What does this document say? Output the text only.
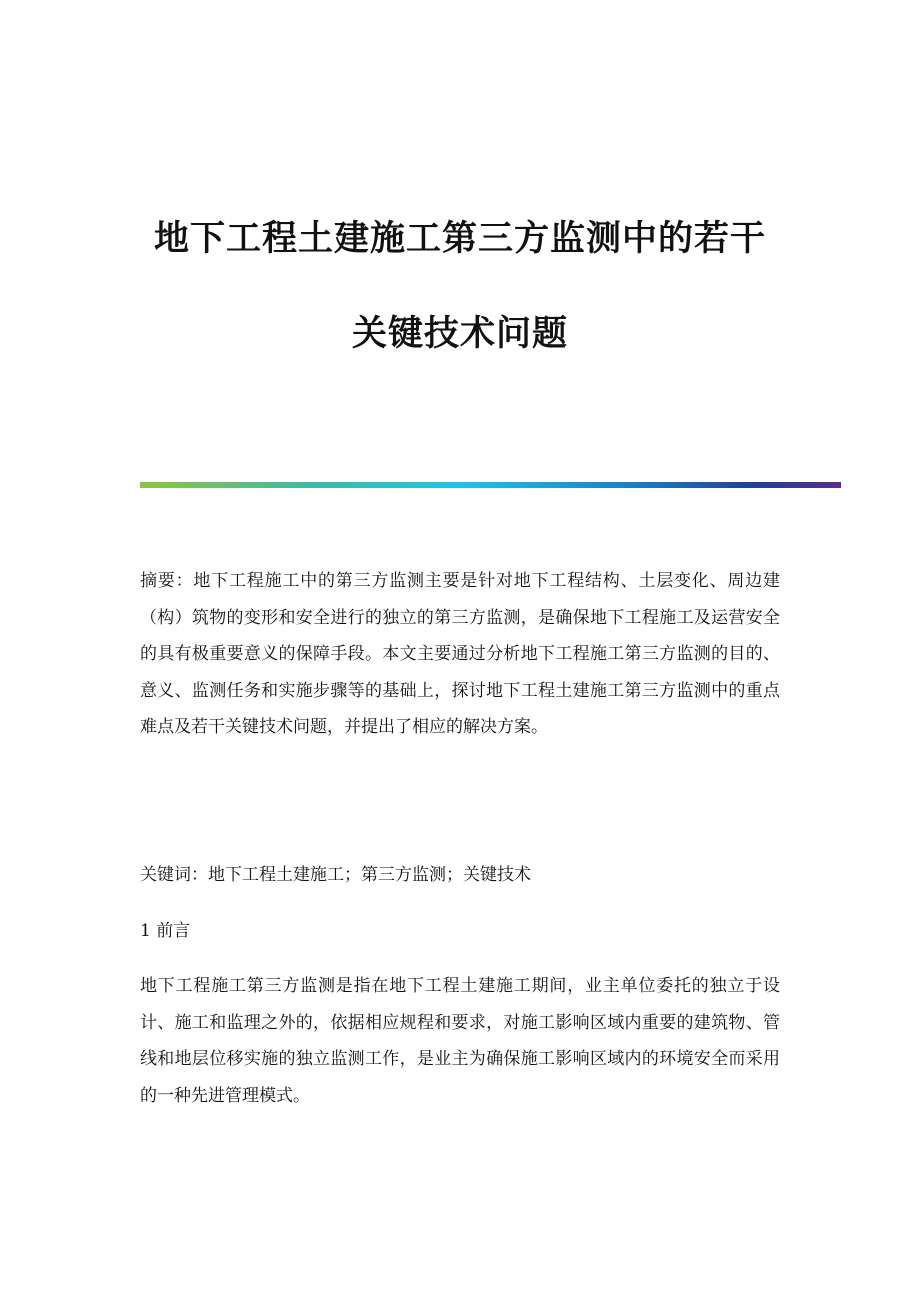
地下工程土建施工第三方监测中的若干
关键技术问题

摘要：地下工程施工中的第三方监测主要是针对地下工程结构、土层变化、周边建（构）筑物的变形和安全进行的独立的第三方监测，是确保地下工程施工及运营安全的具有极重要意义的保障手段。本文主要通过分析地下工程施工第三方监测的目的、意义、监测任务和实施步骤等的基础上，探讨地下工程土建施工第三方监测中的重点难点及若干关键技术问题，并提出了相应的解决方案。

关键词：地下工程土建施工；第三方监测；关键技术

1 前言

地下工程施工第三方监测是指在地下工程土建施工期间，业主单位委托的独立于设计、施工和监理之外的，依据相应规程和要求，对施工影响区域内重要的建筑物、管线和地层位移实施的独立监测工作，是业主为确保施工影响区域内的环境安全而采用的一种先进管理模式。
